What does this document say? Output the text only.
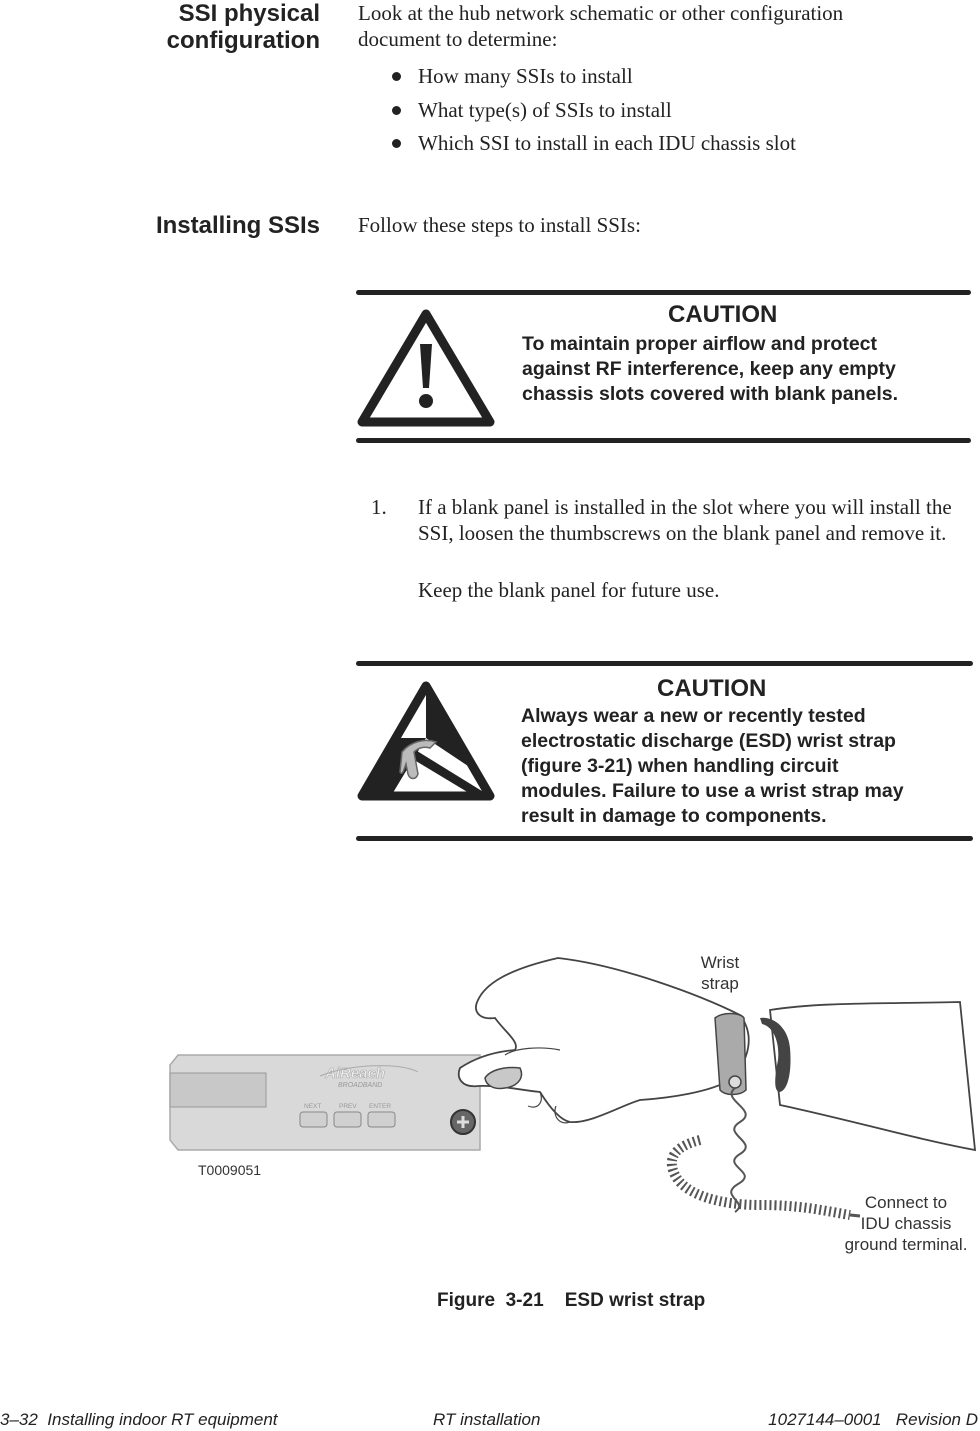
SSI physical
configuration
Look at the hub network schematic or other configuration document to determine:
How many SSIs to install
What type(s) of SSIs to install
Which SSI to install in each IDU chassis slot
Installing SSIs Follow these steps to install SSIs:
CAUTION
To maintain proper airflow and protect
against RF interference, keep any empty
chassis slots covered with blank panels.
1. If a blank panel is installed in the slot where you will install the SSI, loosen the thumbscrews on the blank panel and remove it.
Keep the blank panel for future use.
CAUTION
Always wear a new or recently tested
electrostatic discharge (ESD) wrist strap
(figure 3-21) when handling circuit
modules. Failure to use a wrist strap may
result in damage to components.
AiReach
BROADBAND
NEXT	PREV ENTER
Wrist
strap
Connect to
IDU chassis
ground terminal.
T0009051
Figure  3-21    ESD wrist strap
3–32  Installing indoor RT equipment	RT installation	1027144–0001   Revision D
